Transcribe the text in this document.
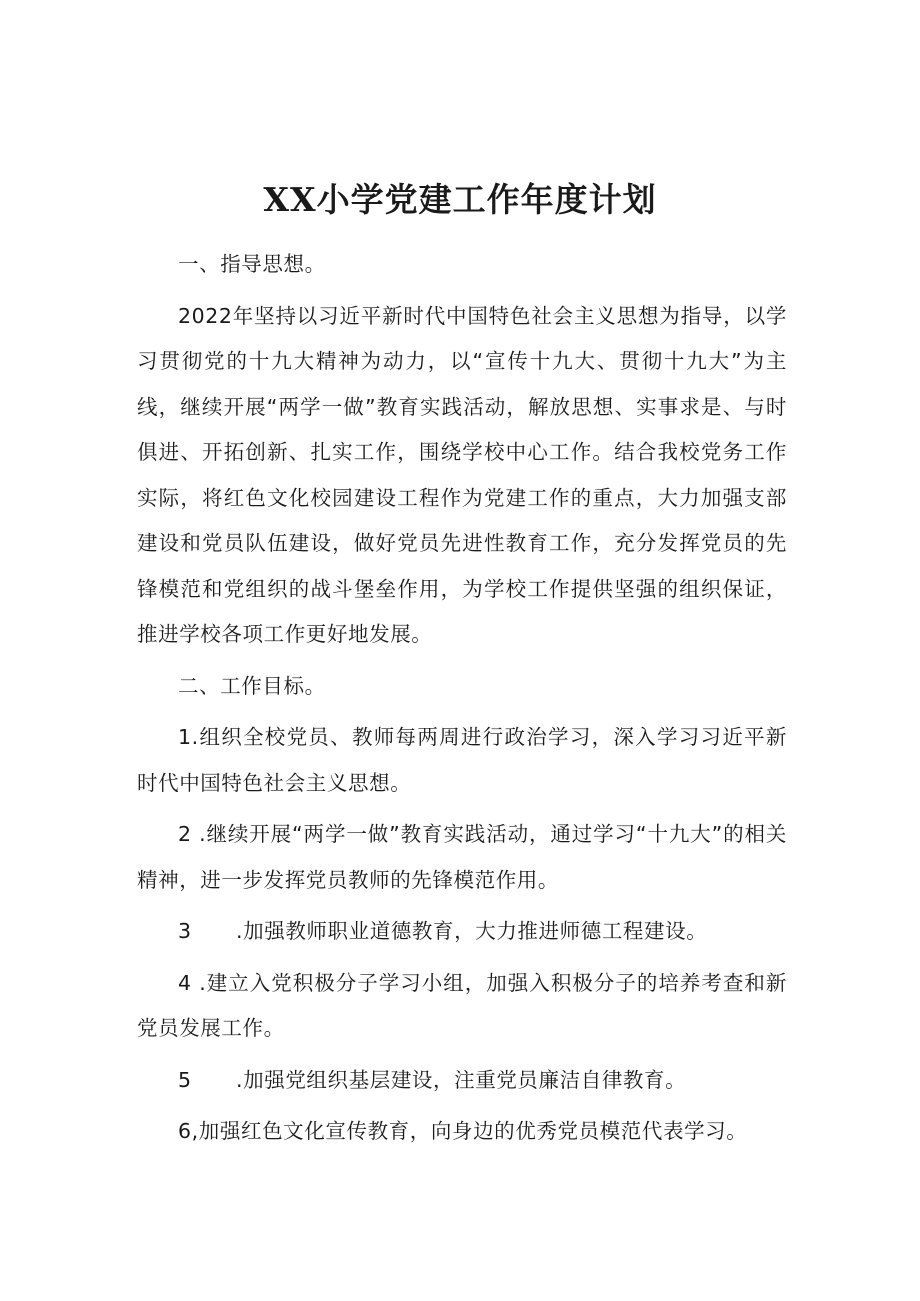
XX小学党建工作年度计划

一、指导思想。

2022年坚持以习近平新时代中国特色社会主义思想为指导，以学习贯彻党的十九大精神为动力，以“宣传十九大、贯彻十九大”为主线，继续开展“两学一做”教育实践活动，解放思想、实事求是、与时俱进、开拓创新、扎实工作，围绕学校中心工作。结合我校党务工作实际，将红色文化校园建设工程作为党建工作的重点，大力加强支部建设和党员队伍建设，做好党员先进性教育工作，充分发挥党员的先锋模范和党组织的战斗堡垒作用，为学校工作提供坚强的组织保证，推进学校各项工作更好地发展。

二、工作目标。

1.组织全校党员、教师每两周进行政治学习，深入学习习近平新时代中国特色社会主义思想。

2 .继续开展“两学一做”教育实践活动，通过学习“十九大”的相关精神，进一步发挥党员教师的先锋模范作用。

3 .加强教师职业道德教育，大力推进师德工程建设。

4 .建立入党积极分子学习小组，加强入积极分子的培养考查和新党员发展工作。

5 .加强党组织基层建设，注重党员廉洁自律教育。

6,加强红色文化宣传教育，向身边的优秀党员模范代表学习。
